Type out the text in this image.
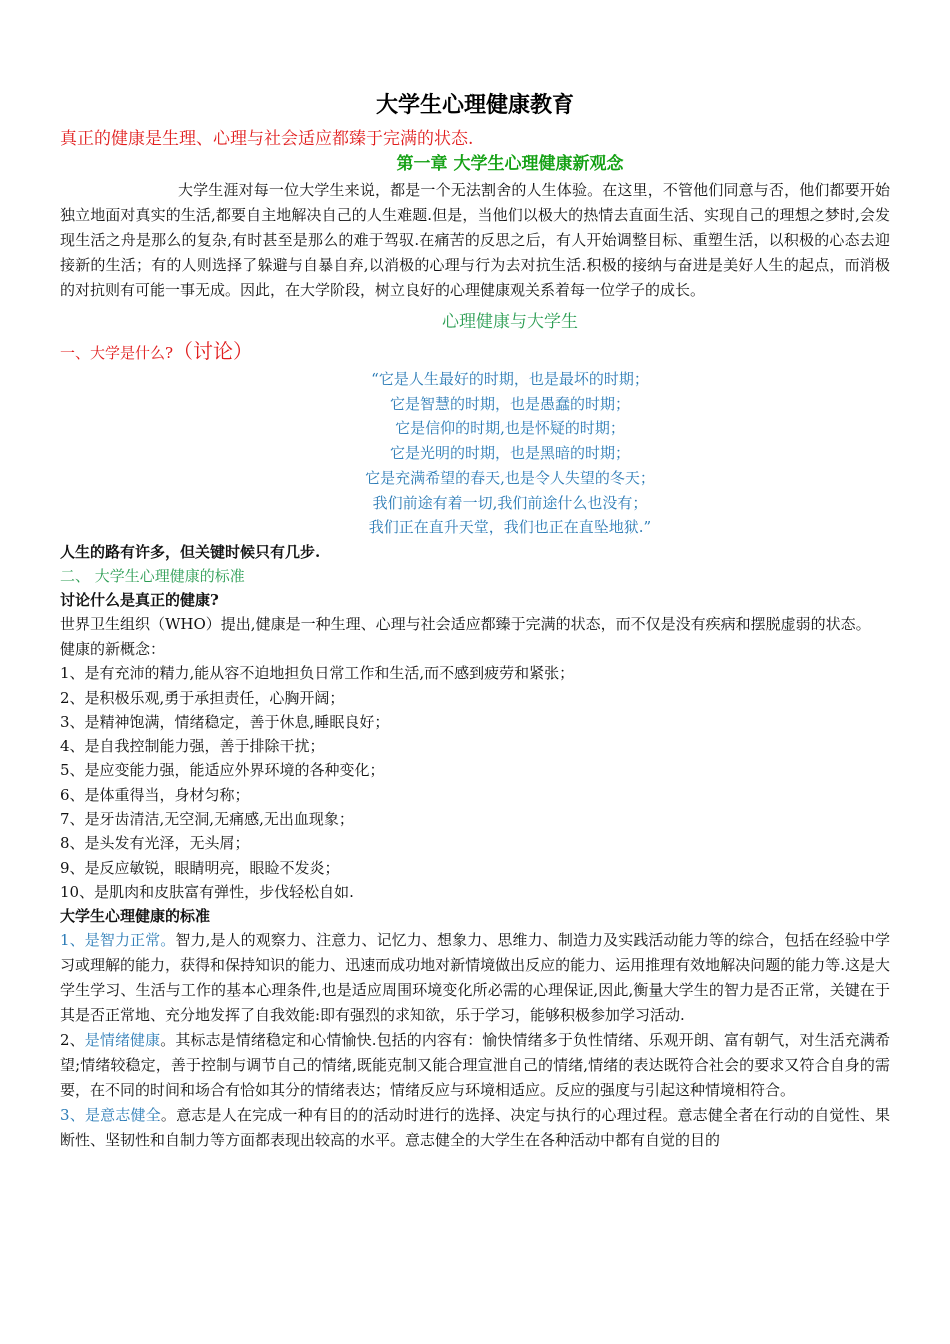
大学生心理健康教育

真正的健康是生理、心理与社会适应都臻于完满的状态.

第一章 大学生心理健康新观念

大学生涯对每一位大学生来说，都是一个无法割舍的人生体验。在这里，不管他们同意与否，他们都要开始独立地面对真实的生活,都要自主地解决自己的人生难题.但是，当他们以极大的热情去直面生活、实现自己的理想之梦时,会发现生活之舟是那么的复杂,有时甚至是那么的难于驾驭.在痛苦的反思之后，有人开始调整目标、重塑生活，以积极的心态去迎接新的生活；有的人则选择了躲避与自暴自弃,以消极的心理与行为去对抗生活.积极的接纳与奋进是美好人生的起点，而消极的对抗则有可能一事无成。因此，在大学阶段，树立良好的心理健康观关系着每一位学子的成长。

心理健康与大学生

一、大学是什么?（讨论）

“它是人生最好的时期，也是最坏的时期；

它是智慧的时期，也是愚蠢的时期；

它是信仰的时期,也是怀疑的时期；

它是光明的时期，也是黑暗的时期；

它是充满希望的春天,也是令人失望的冬天；

我们前途有着一切,我们前途什么也没有；

我们正在直升天堂，我们也正在直坠地狱.”

人生的路有许多，但关键时候只有几步.

二、 大学生心理健康的标准

讨论什么是真正的健康?

世界卫生组织（WHO）提出,健康是一种生理、心理与社会适应都臻于完满的状态，而不仅是没有疾病和摆脱虚弱的状态。

健康的新概念：

1、是有充沛的精力,能从容不迫地担负日常工作和生活,而不感到疲劳和紧张；

2、是积极乐观,勇于承担责任，心胸开阔；

3、是精神饱满，情绪稳定，善于休息,睡眠良好；

4、是自我控制能力强，善于排除干扰；

5、是应变能力强，能适应外界环境的各种变化；

6、是体重得当，身材匀称；

7、是牙齿清洁,无空洞,无痛感,无出血现象；

8、是头发有光泽，无头屑；

9、是反应敏锐，眼睛明亮，眼睑不发炎；

10、是肌肉和皮肤富有弹性，步伐轻松自如.

大学生心理健康的标准

1、是智力正常。智力,是人的观察力、注意力、记忆力、想象力、思维力、制造力及实践活动能力等的综合，包括在经验中学习或理解的能力，获得和保持知识的能力、迅速而成功地对新情境做出反应的能力、运用推理有效地解决问题的能力等.这是大学生学习、生活与工作的基本心理条件,也是适应周围环境变化所必需的心理保证,因此,衡量大学生的智力是否正常，关键在于其是否正常地、充分地发挥了自我效能:即有强烈的求知欲，乐于学习，能够积极参加学习活动.

2、是情绪健康。其标志是情绪稳定和心情愉快.包括的内容有：愉快情绪多于负性情绪、乐观开朗、富有朝气，对生活充满希望;情绪较稳定，善于控制与调节自己的情绪,既能克制又能合理宣泄自己的情绪,情绪的表达既符合社会的要求又符合自身的需要，在不同的时间和场合有恰如其分的情绪表达；情绪反应与环境相适应。反应的强度与引起这种情境相符合。

3、是意志健全。意志是人在完成一种有目的的活动时进行的选择、决定与执行的心理过程。意志健全者在行动的自觉性、果断性、坚韧性和自制力等方面都表现出较高的水平。意志健全的大学生在各种活动中都有自觉的目的
